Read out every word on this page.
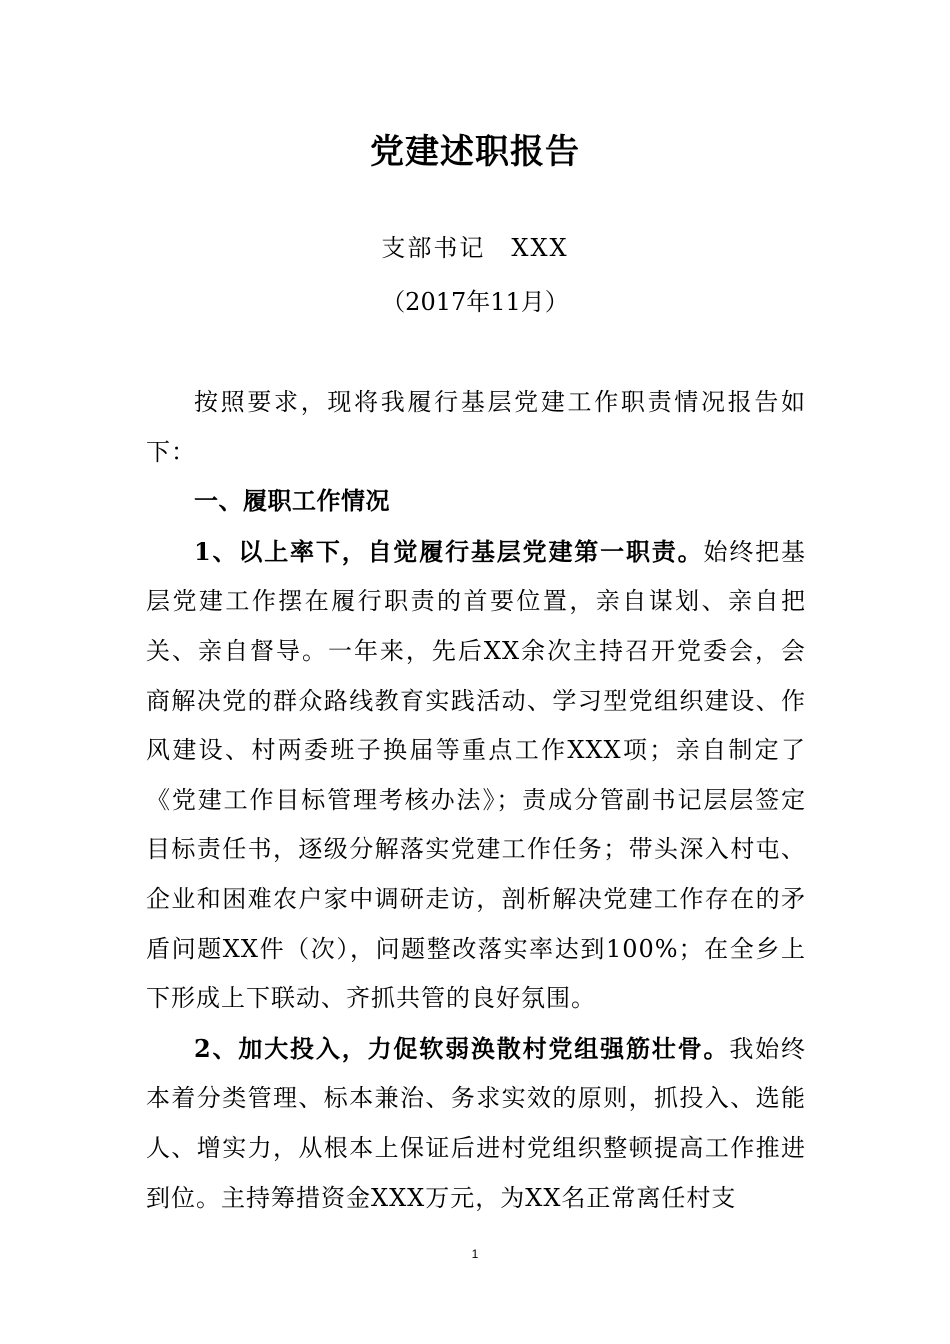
党建述职报告
支部书记 XXX
（2017年11月）

按照要求，现将我履行基层党建工作职责情况报告如下：

一、履职工作情况

1、以上率下，自觉履行基层党建第一职责。始终把基层党建工作摆在履行职责的首要位置，亲自谋划、亲自把关、亲自督导。一年来，先后XX余次主持召开党委会，会商解决党的群众路线教育实践活动、学习型党组织建设、作风建设、村两委班子换届等重点工作XXX项；亲自制定了《党建工作目标管理考核办法》；责成分管副书记层层签定目标责任书，逐级分解落实党建工作任务；带头深入村屯、企业和困难农户家中调研走访，剖析解决党建工作存在的矛盾问题XX件（次），问题整改落实率达到100%；在全乡上下形成上下联动、齐抓共管的良好氛围。

2、加大投入，力促软弱涣散村党组强筋壮骨。我始终本着分类管理、标本兼治、务求实效的原则，抓投入、选能人、增实力，从根本上保证后进村党组织整顿提高工作推进到位。主持筹措资金XXX万元，为XX名正常离任村支

1
